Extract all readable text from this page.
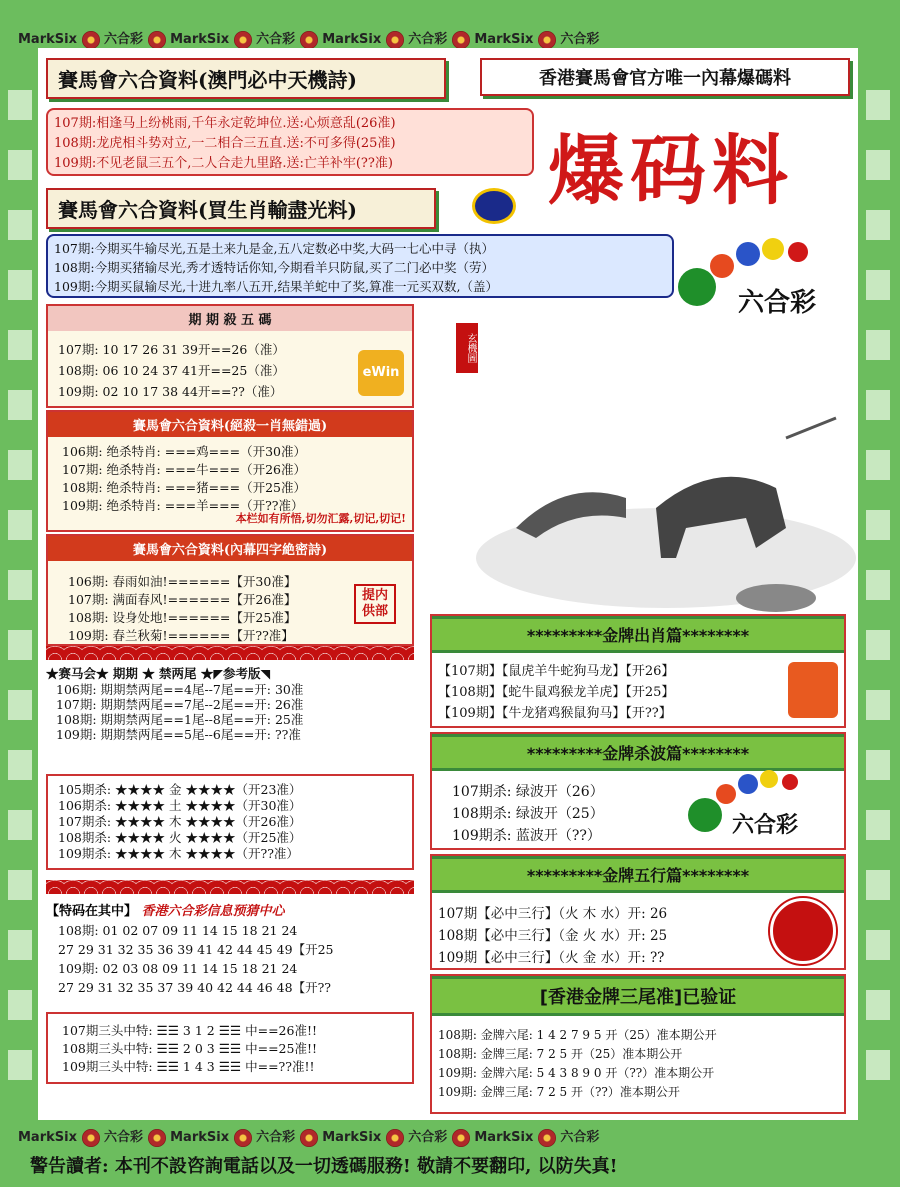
MarkSix 六合彩 MarkSix 六合彩 MarkSix 六合彩 MarkSix 六合彩
MarkSix 六合彩 MarkSix 六合彩 MarkSix 六合彩 MarkSix 六合彩
賽馬會六合資料(澳門必中天機詩)	香港賽馬會官方唯一內幕爆碼料
107期:相逢马上纷桃雨,千年永定乾坤位.送:心烦意乱(26准)
108期:龙虎相斗势对立,一二相合三五直.送:不可多得(25准)
109期:不见老鼠三五个,二人合走九里路.送:亡羊补牢(??准)	爆码料
賽馬會六合資料(買生肖輸盡光料)
107期:今期买牛输尽光,五是土来九是金,五八定数必中奖,大码一七心中寻（执）
108期:今期买猪输尽光,秀才透特话你知,今期看羊只防鼠,买了二门必中奖（劳）
109期:今期买鼠输尽光,十进九率八五开,结果羊蛇中了奖,算准一元买双数,（盖）
六合彩
玄機圖
期 期 殺 五 碼
107期: 10 17 26 31 39开==26（准）
108期: 06 10 24 37 41开==25（准）
109期: 02 10 17 38 44开==??（准）
eWin
賽馬會六合資料(絕殺一肖無錯過)
106期: 绝杀特肖: ===鸡===（开30准）
107期: 绝杀特肖: ===牛===（开26准）
108期: 绝杀特肖: ===猪===（开25准）
109期: 绝杀特肖: ===羊===（开??准）
本栏如有所悟,切勿汇露,切记,切记!
賽馬會六合資料(內幕四字絶密詩)
106期: 春雨如油!======【开30准】
107期: 满面春风!======【开26准】
108期: 设身处地!======【开25准】
109期: 春兰秋菊!======【开??准】
提内供部
★赛马会★ 期期 ★ 禁两尾 ★◤参考版◥
106期: 期期禁两尾==4尾--7尾==开: 30准
107期: 期期禁两尾==7尾--2尾==开: 26准
108期: 期期禁两尾==1尾--8尾==开: 25准
109期: 期期禁两尾==5尾--6尾==开: ??准
105期杀: ★★★★ 金 ★★★★（开23准）
106期杀: ★★★★ 土 ★★★★（开30准）
107期杀: ★★★★ 木 ★★★★（开26准）
108期杀: ★★★★ 火 ★★★★（开25准）
109期杀: ★★★★ 木 ★★★★（开??准）
【特码在其中】 香港六合彩信息预猜中心
108期: 01 02 07 09 11 14 15 18 21 24
27 29 31 32 35 36 39 41 42 44 45 49【开25
109期: 02 03 08 09 11 14 15 18 21 24
27 29 31 32 35 37 39 40 42 44 46 48【开??
107期三头中特: ☰☰ 3 1 2 ☰☰ 中==26准!!
108期三头中特: ☰☰ 2 0 3 ☰☰ 中==25准!!
109期三头中特: ☰☰ 1 4 3 ☰☰ 中==??准!!
*********金牌出肖篇********
【107期】【鼠虎羊牛蛇狗马龙】【开26】
【108期】【蛇牛鼠鸡猴龙羊虎】【开25】
【109期】【牛龙猪鸡猴鼠狗马】【开??】
*********金牌杀波篇********
107期杀: 绿波开（26）
108期杀: 绿波开（25）
109期杀: 蓝波开（??）	六合彩
*********金牌五行篇********
107期【必中三行】（火 木 水）开: 26
108期【必中三行】（金 火 水）开: 25
109期【必中三行】（火 金 水）开: ??
[香港金牌三尾准]已验证
108期: 金牌六尾: 1 4 2 7 9 5 开（25）准本期公开
108期: 金牌三尾: 7 2 5 开（25）准本期公开
109期: 金牌六尾: 5 4 3 8 9 0 开（??）准本期公开
109期: 金牌三尾: 7 2 5 开（??）准本期公开
警告讀者: 本刊不設咨詢電話以及一切透碼服務! 敬請不要翻印, 以防失真!
